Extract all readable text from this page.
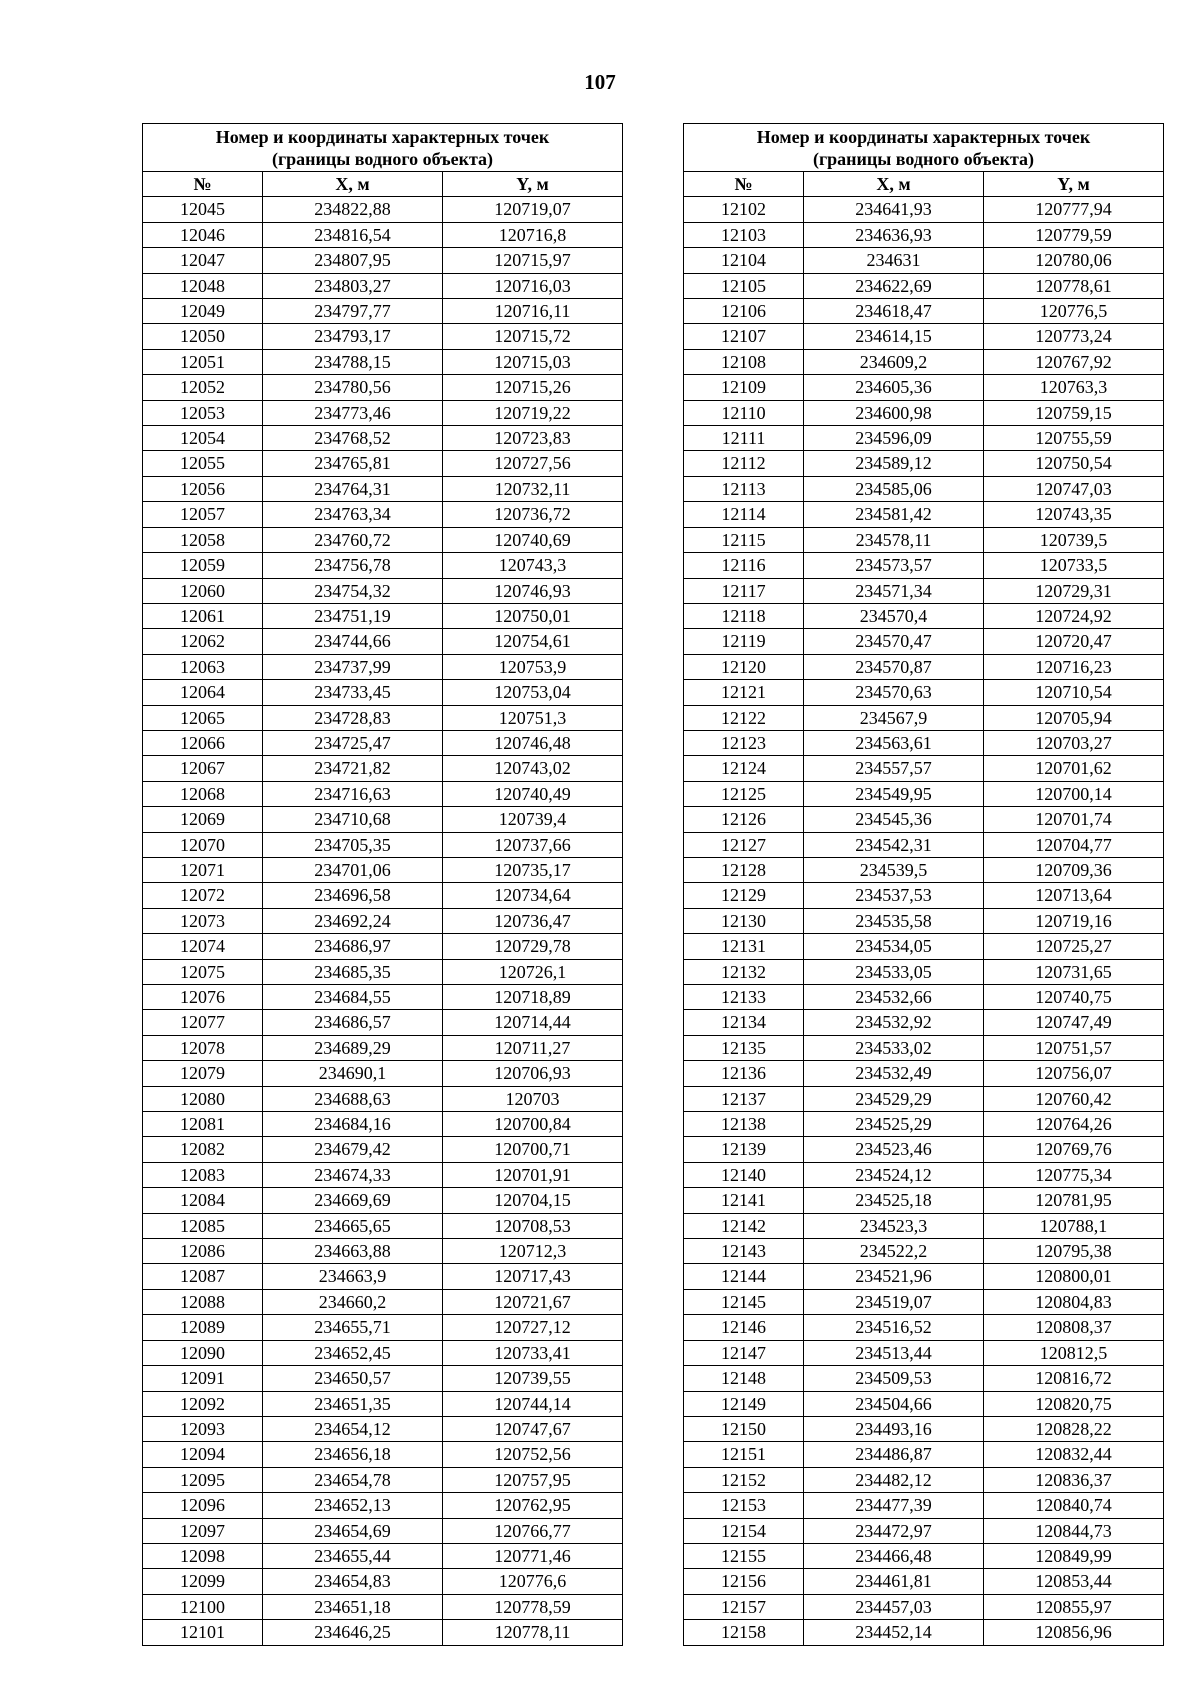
107
Номер и координаты характерных точек
(границы водного объекта)		

№	X, м	Y, м
12045	234822,88	120719,07
12046	234816,54	120716,8
12047	234807,95	120715,97
12048	234803,27	120716,03
12049	234797,77	120716,11
12050	234793,17	120715,72
12051	234788,15	120715,03
12052	234780,56	120715,26
12053	234773,46	120719,22
12054	234768,52	120723,83
12055	234765,81	120727,56
12056	234764,31	120732,11
12057	234763,34	120736,72
12058	234760,72	120740,69
12059	234756,78	120743,3
12060	234754,32	120746,93
12061	234751,19	120750,01
12062	234744,66	120754,61
12063	234737,99	120753,9
12064	234733,45	120753,04
12065	234728,83	120751,3
12066	234725,47	120746,48
12067	234721,82	120743,02
12068	234716,63	120740,49
12069	234710,68	120739,4
12070	234705,35	120737,66
12071	234701,06	120735,17
12072	234696,58	120734,64
12073	234692,24	120736,47
12074	234686,97	120729,78
12075	234685,35	120726,1
12076	234684,55	120718,89
12077	234686,57	120714,44
12078	234689,29	120711,27
12079	234690,1	120706,93
12080	234688,63	120703
12081	234684,16	120700,84
12082	234679,42	120700,71
12083	234674,33	120701,91
12084	234669,69	120704,15
12085	234665,65	120708,53
12086	234663,88	120712,3
12087	234663,9	120717,43
12088	234660,2	120721,67
12089	234655,71	120727,12
12090	234652,45	120733,41
12091	234650,57	120739,55
12092	234651,35	120744,14
12093	234654,12	120747,67
12094	234656,18	120752,56
12095	234654,78	120757,95
12096	234652,13	120762,95
12097	234654,69	120766,77
12098	234655,44	120771,46
12099	234654,83	120776,6
12100	234651,18	120778,59
12101	234646,25	120778,11
Номер и координаты характерных точек
(границы водного объекта)		

№	X, м	Y, м
12102	234641,93	120777,94
12103	234636,93	120779,59
12104	234631	120780,06
12105	234622,69	120778,61
12106	234618,47	120776,5
12107	234614,15	120773,24
12108	234609,2	120767,92
12109	234605,36	120763,3
12110	234600,98	120759,15
12111	234596,09	120755,59
12112	234589,12	120750,54
12113	234585,06	120747,03
12114	234581,42	120743,35
12115	234578,11	120739,5
12116	234573,57	120733,5
12117	234571,34	120729,31
12118	234570,4	120724,92
12119	234570,47	120720,47
12120	234570,87	120716,23
12121	234570,63	120710,54
12122	234567,9	120705,94
12123	234563,61	120703,27
12124	234557,57	120701,62
12125	234549,95	120700,14
12126	234545,36	120701,74
12127	234542,31	120704,77
12128	234539,5	120709,36
12129	234537,53	120713,64
12130	234535,58	120719,16
12131	234534,05	120725,27
12132	234533,05	120731,65
12133	234532,66	120740,75
12134	234532,92	120747,49
12135	234533,02	120751,57
12136	234532,49	120756,07
12137	234529,29	120760,42
12138	234525,29	120764,26
12139	234523,46	120769,76
12140	234524,12	120775,34
12141	234525,18	120781,95
12142	234523,3	120788,1
12143	234522,2	120795,38
12144	234521,96	120800,01
12145	234519,07	120804,83
12146	234516,52	120808,37
12147	234513,44	120812,5
12148	234509,53	120816,72
12149	234504,66	120820,75
12150	234493,16	120828,22
12151	234486,87	120832,44
12152	234482,12	120836,37
12153	234477,39	120840,74
12154	234472,97	120844,73
12155	234466,48	120849,99
12156	234461,81	120853,44
12157	234457,03	120855,97
12158	234452,14	120856,96
